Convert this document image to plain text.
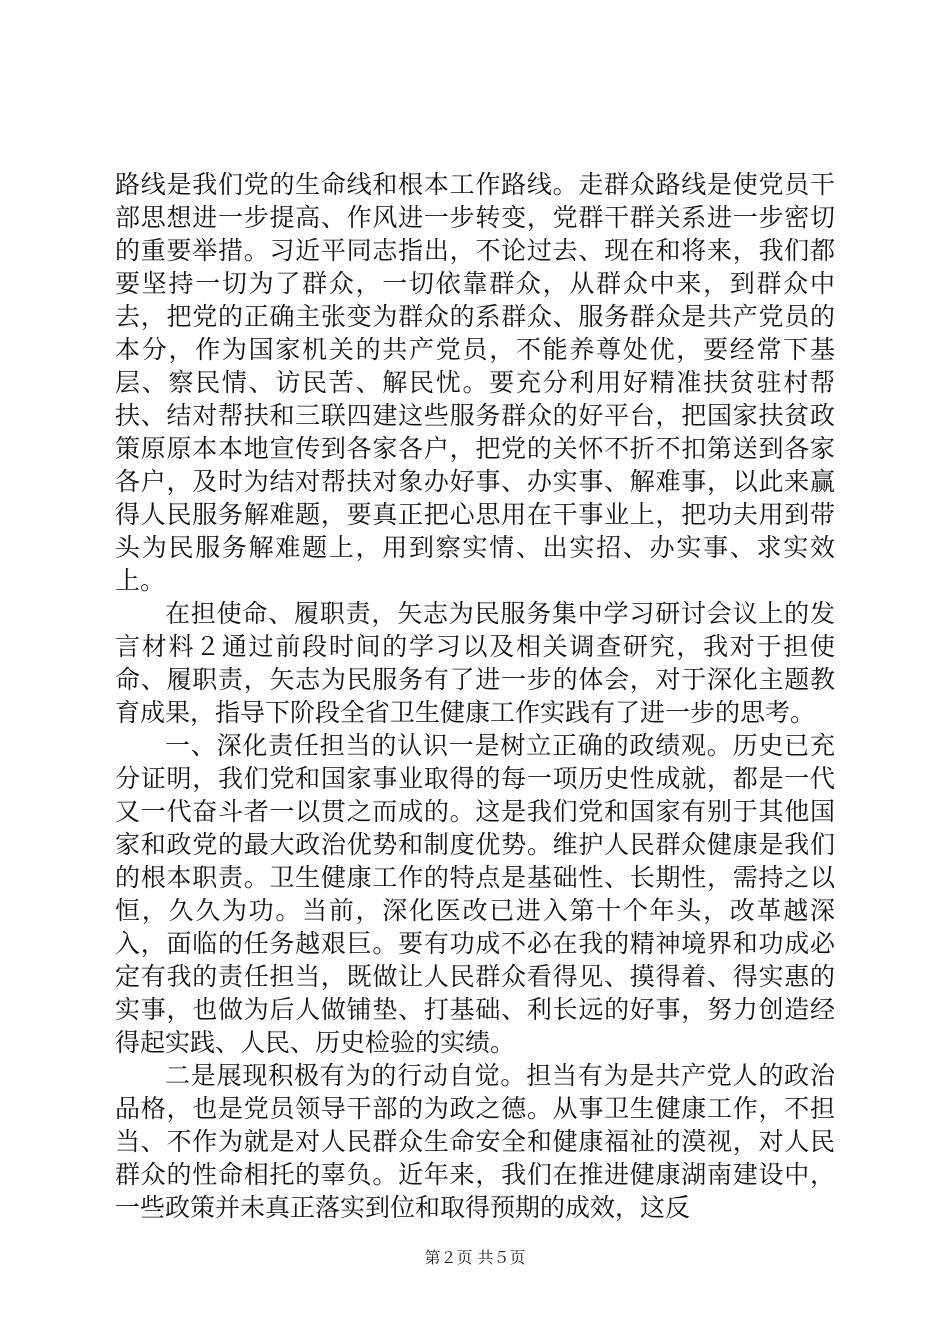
路线是我们党的生命线和根本工作路线。走群众路线是使党员干部思想进一步提高、作风进一步转变，党群干群关系进一步密切的重要举措。习近平同志指出，不论过去、现在和将来，我们都要坚持一切为了群众，一切依靠群众，从群众中来，到群众中去，把党的正确主张变为群众的系群众、服务群众是共产党员的本分，作为国家机关的共产党员，不能养尊处优，要经常下基层、察民情、访民苦、解民忧。要充分利用好精准扶贫驻村帮扶、结对帮扶和三联四建这些服务群众的好平台，把国家扶贫政策原原本本地宣传到各家各户，把党的关怀不折不扣第送到各家各户，及时为结对帮扶对象办好事、办实事、解难事，以此来赢得人民服务解难题，要真正把心思用在干事业上，把功夫用到带头为民服务解难题上，用到察实情、出实招、办实事、求实效上。

在担使命、履职责，矢志为民服务集中学习研讨会议上的发言材料２通过前段时间的学习以及相关调查研究，我对于担使命、履职责，矢志为民服务有了进一步的体会，对于深化主题教育成果，指导下阶段全省卫生健康工作实践有了进一步的思考。

一、深化责任担当的认识一是树立正确的政绩观。历史已充分证明，我们党和国家事业取得的每一项历史性成就，都是一代又一代奋斗者一以贯之而成的。这是我们党和国家有别于其他国家和政党的最大政治优势和制度优势。维护人民群众健康是我们的根本职责。卫生健康工作的特点是基础性、长期性，需持之以恒，久久为功。当前，深化医改已进入第十个年头，改革越深入，面临的任务越艰巨。要有功成不必在我的精神境界和功成必定有我的责任担当，既做让人民群众看得见、摸得着、得实惠的实事，也做为后人做铺垫、打基础、利长远的好事，努力创造经得起实践、人民、历史检验的实绩。

二是展现积极有为的行动自觉。担当有为是共产党人的政治品格，也是党员领导干部的为政之德。从事卫生健康工作，不担当、不作为就是对人民群众生命安全和健康福祉的漠视，对人民群众的性命相托的辜负。近年来，我们在推进健康湖南建设中，一些政策并未真正落实到位和取得预期的成效，这反

第２页 共５页
